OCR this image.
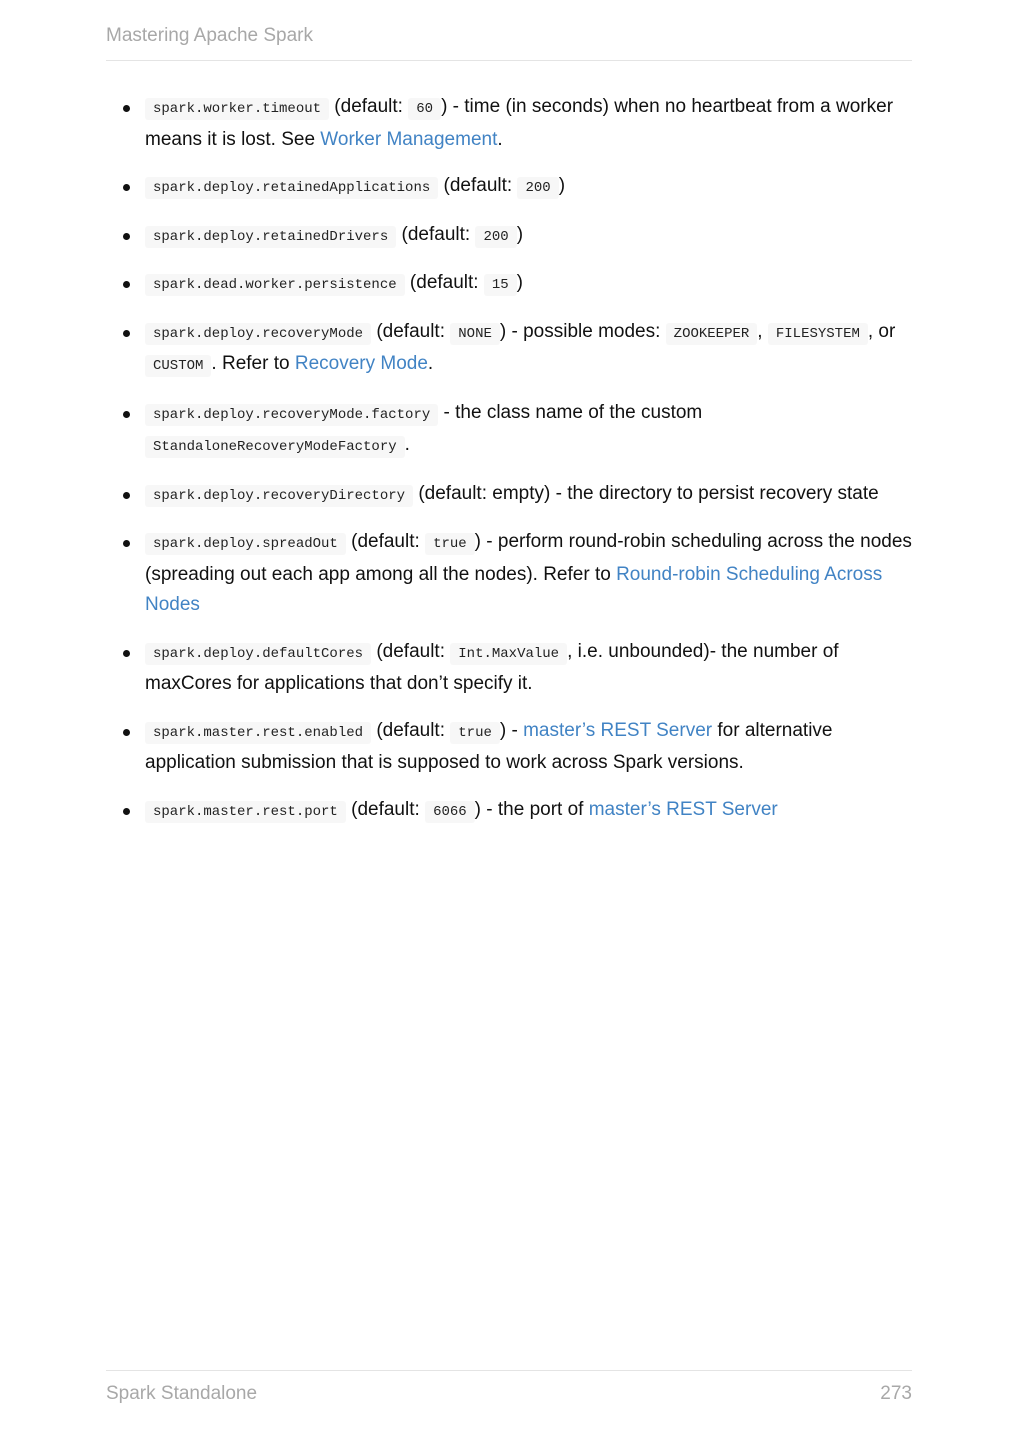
Mastering Apache Spark
spark.worker.timeout (default: 60 ) - time (in seconds) when no heartbeat from a worker means it is lost. See Worker Management.
spark.deploy.retainedApplications (default: 200 )
spark.deploy.retainedDrivers (default: 200 )
spark.dead.worker.persistence (default: 15 )
spark.deploy.recoveryMode (default: NONE ) - possible modes: ZOOKEEPER , FILESYSTEM , or CUSTOM . Refer to Recovery Mode.
spark.deploy.recoveryMode.factory - the class name of the custom StandaloneRecoveryModeFactory .
spark.deploy.recoveryDirectory (default: empty) - the directory to persist recovery state
spark.deploy.spreadOut (default: true ) - perform round-robin scheduling across the nodes (spreading out each app among all the nodes). Refer to Round-robin Scheduling Across Nodes
spark.deploy.defaultCores (default: Int.MaxValue , i.e. unbounded)- the number of maxCores for applications that don’t specify it.
spark.master.rest.enabled (default: true ) - master’s REST Server for alternative application submission that is supposed to work across Spark versions.
spark.master.rest.port (default: 6066 ) - the port of master’s REST Server
Spark Standalone	273
